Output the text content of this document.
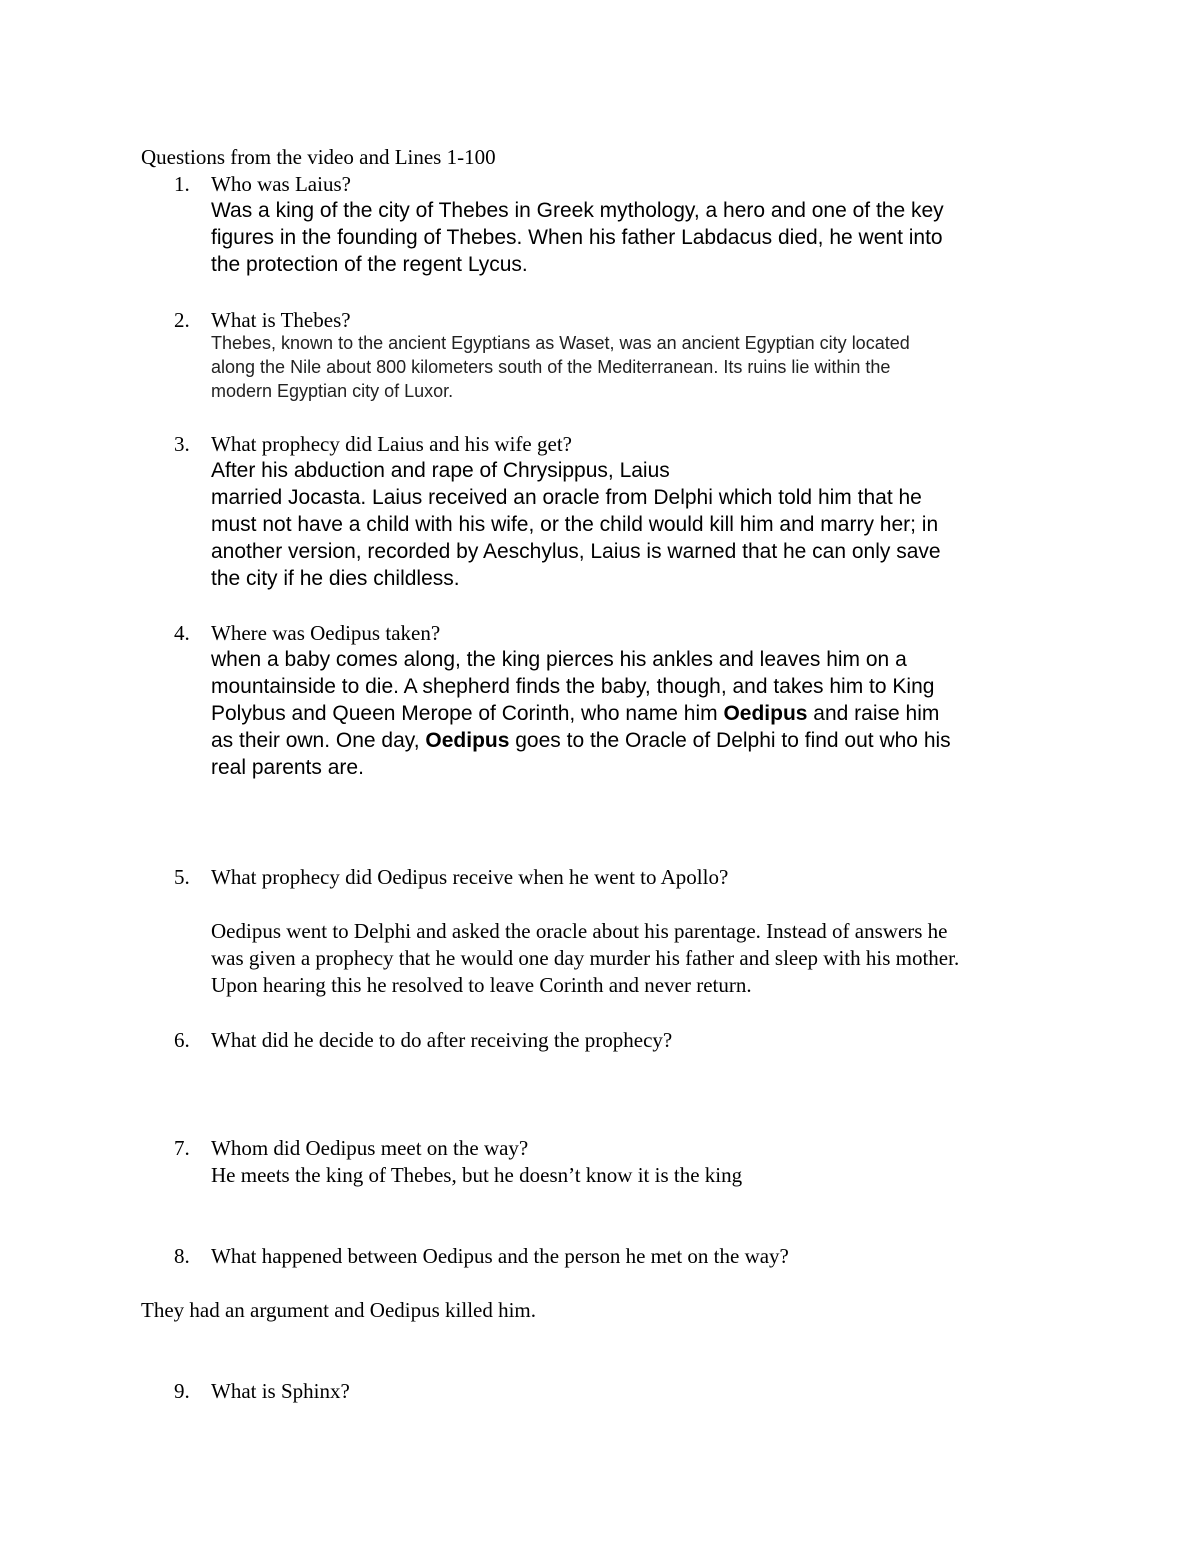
Questions from the video and Lines 1-100
1. Who was Laius?
Was a king of the city of Thebes in Greek mythology, a hero and one of the key
figures in the founding of Thebes. When his father Labdacus died, he went into
the protection of the regent Lycus.
2. What is Thebes?
Thebes, known to the ancient Egyptians as Waset, was an ancient Egyptian city located
along the Nile about 800 kilometers south of the Mediterranean. Its ruins lie within the
modern Egyptian city of Luxor.
3. What prophecy did Laius and his wife get?
After his abduction and rape of Chrysippus, Laius
married Jocasta. Laius received an oracle from Delphi which told him that he
must not have a child with his wife, or the child would kill him and marry her; in
another version, recorded by Aeschylus, Laius is warned that he can only save
the city if he dies childless.
4. Where was Oedipus taken?
when a baby comes along, the king pierces his ankles and leaves him on a
mountainside to die. A shepherd finds the baby, though, and takes him to King
Polybus and Queen Merope of Corinth, who name him Oedipus and raise him
as their own. One day, Oedipus goes to the Oracle of Delphi to find out who his
real parents are.
5. What prophecy did Oedipus receive when he went to Apollo?
Oedipus went to Delphi and asked the oracle about his parentage. Instead of answers he
was given a prophecy that he would one day murder his father and sleep with his mother.
Upon hearing this he resolved to leave Corinth and never return.
6. What did he decide to do after receiving the prophecy?
7. Whom did Oedipus meet on the way?
He meets the king of Thebes, but he doesn’t know it is the king
8. What happened between Oedipus and the person he met on the way?
They had an argument and Oedipus killed him.
9. What is Sphinx?
